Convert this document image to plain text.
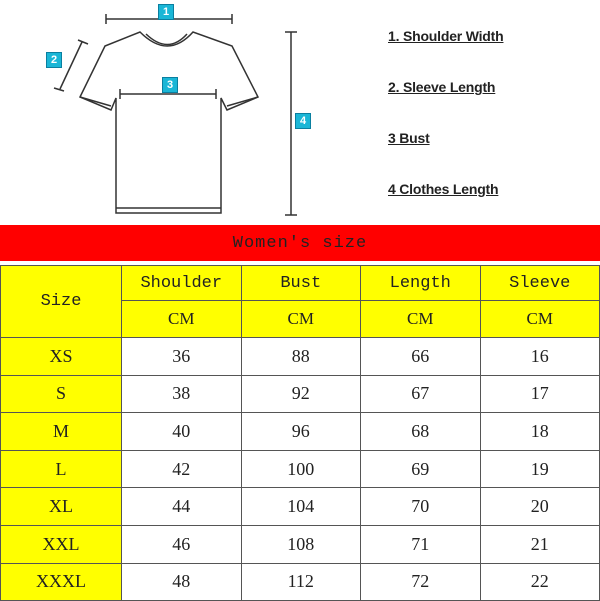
1
2
3
4
1. Shoulder Width
2. Sleeve Length
3 Bust
4 Clothes Length
Women's size
Size	Shoulder	Bust	Length	Sleeve
	CM	CM	CM	CM
XS	36	88	66	16
S	38	92	67	17
M	40	96	68	18
L	42	100	69	19
XL	44	104	70	20
XXL	46	108	71	21
XXXL	48	112	72	22
